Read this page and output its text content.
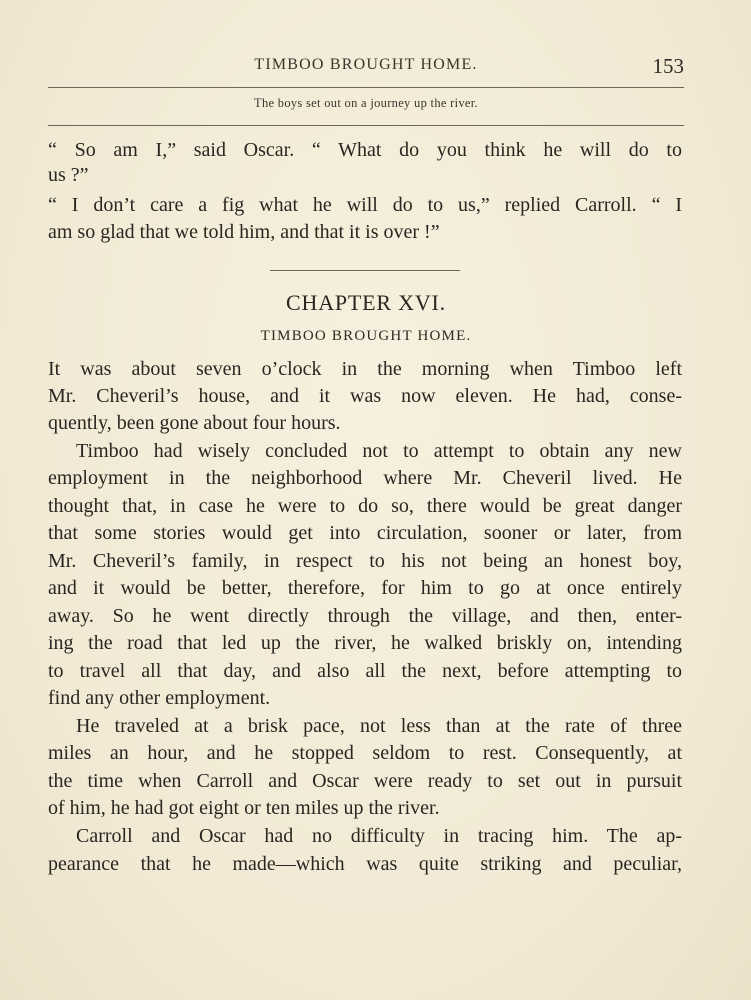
TIMBOO BROUGHT HOME.	153
The boys set out on a journey up the river.
“ So am I,” said Oscar. “ What do you think he will do to
us ?”
“ I don’t care a fig what he will do to us,” replied Carroll. “ I
am so glad that we told him, and that it is over !”
CHAPTER XVI.
TIMBOO BROUGHT HOME.
It was about seven o’clock in the morning when Timboo left
Mr. Cheveril’s house, and it was now eleven. He had, conse-
quently, been gone about four hours.
Timboo had wisely concluded not to attempt to obtain any new
employment in the neighborhood where Mr. Cheveril lived. He
thought that, in case he were to do so, there would be great danger
that some stories would get into circulation, sooner or later, from
Mr. Cheveril’s family, in respect to his not being an honest boy,
and it would be better, therefore, for him to go at once entirely
away. So he went directly through the village, and then, enter-
ing the road that led up the river, he walked briskly on, intending
to travel all that day, and also all the next, before attempting to
find any other employment.
He traveled at a brisk pace, not less than at the rate of three
miles an hour, and he stopped seldom to rest. Consequently, at
the time when Carroll and Oscar were ready to set out in pursuit
of him, he had got eight or ten miles up the river.
Carroll and Oscar had no difficulty in tracing him. The ap-
pearance that he made—which was quite striking and peculiar,
